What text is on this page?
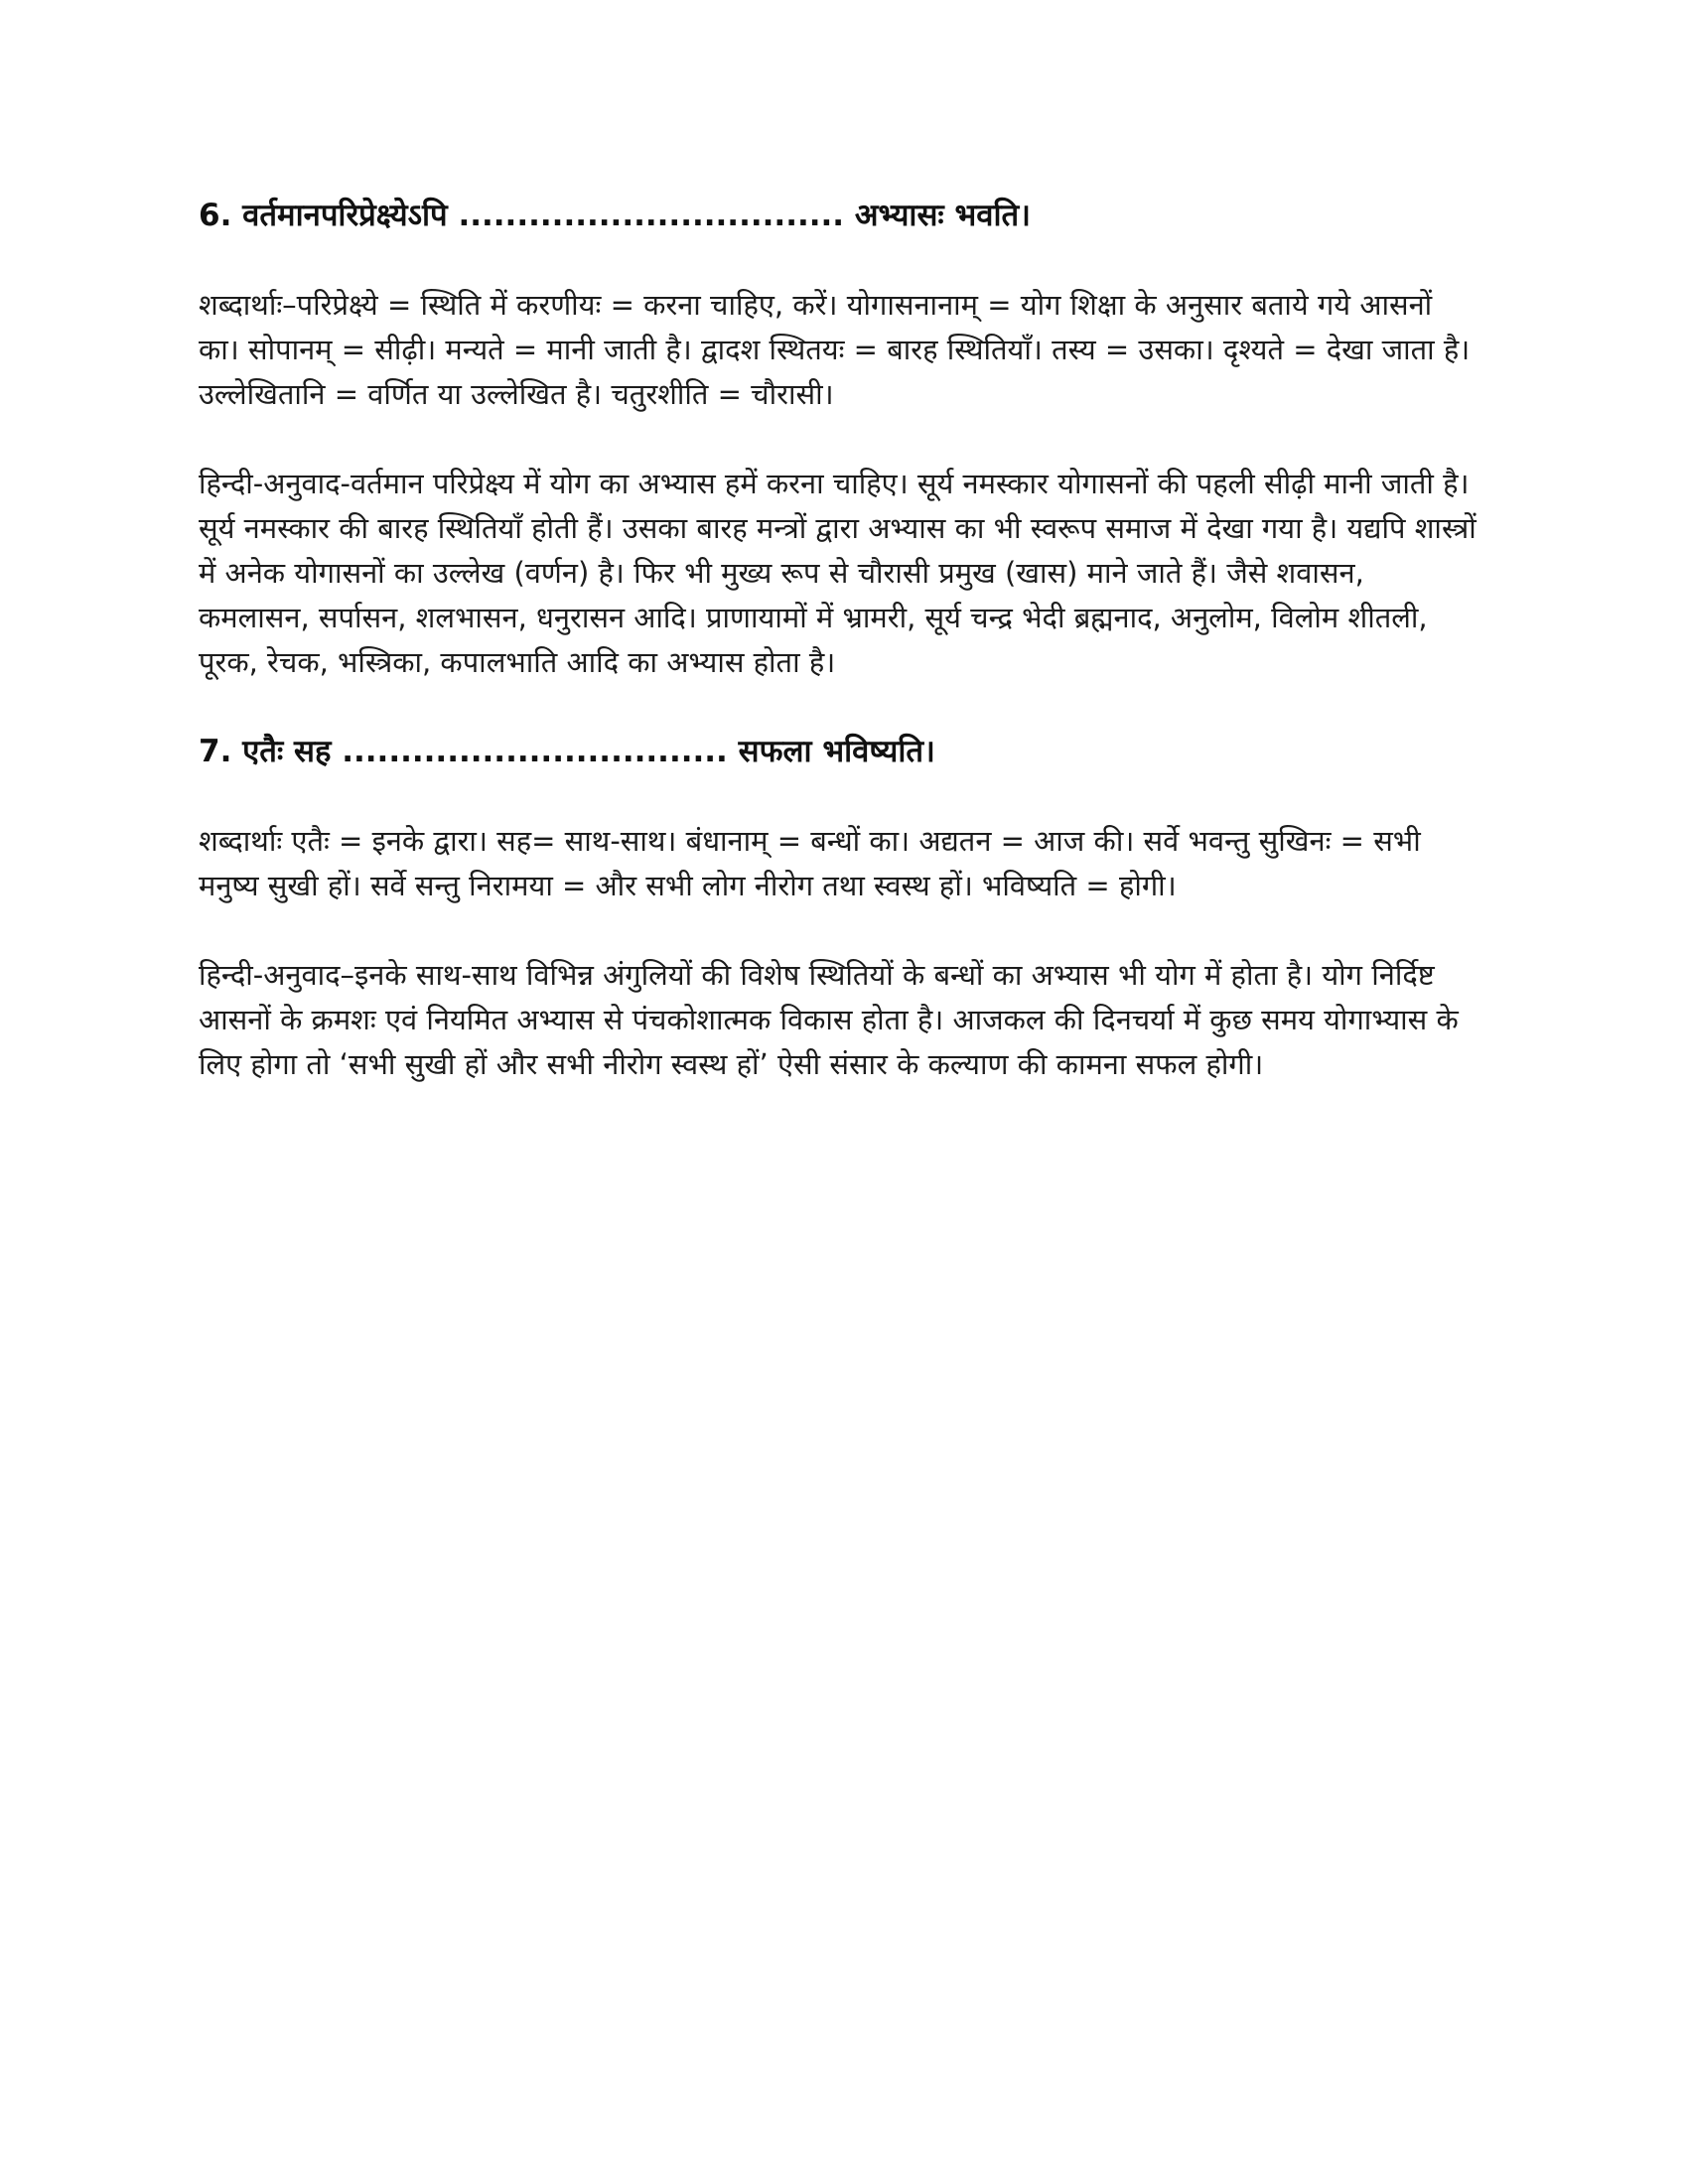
6. वर्तमानपरिप्रेक्ष्येऽपि ................................. अभ्यासः भवति।

शब्दार्थाः–परिप्रेक्ष्ये = स्थिति में करणीयः = करना चाहिए, करें। योगासनानाम् = योग शिक्षा के अनुसार बताये गये आसनों का। सोपानम् = सीढ़ी। मन्यते = मानी जाती है। द्वादश स्थितयः = बारह स्थितियाँ। तस्य = उसका। दृश्यते = देखा जाता है। उल्लेखितानि = वर्णित या उल्लेखित है। चतुरशीति = चौरासी।

हिन्दी-अनुवाद-वर्तमान परिप्रेक्ष्य में योग का अभ्यास हमें करना चाहिए। सूर्य नमस्कार योगासनों की पहली सीढ़ी मानी जाती है। सूर्य नमस्कार की बारह स्थितियाँ होती हैं। उसका बारह मन्त्रों द्वारा अभ्यास का भी स्वरूप समाज में देखा गया है। यद्यपि शास्त्रों में अनेक योगासनों का उल्लेख (वर्णन) है। फिर भी मुख्य रूप से चौरासी प्रमुख (खास) माने जाते हैं। जैसे शवासन, कमलासन, सर्पासन, शलभासन, धनुरासन आदि। प्राणायामों में भ्रामरी, सूर्य चन्द्र भेदी ब्रह्मनाद, अनुलोम, विलोम शीतली, पूरक, रेचक, भस्त्रिका, कपालभाति आदि का अभ्यास होता है।

7. एतैः सह ................................. सफला भविष्यति।

शब्दार्थाः एतैः = इनके द्वारा। सह= साथ-साथ। बंधानाम् = बन्धों का। अद्यतन = आज की। सर्वे भवन्तु सुखिनः = सभी मनुष्य सुखी हों। सर्वे सन्तु निरामया = और सभी लोग नीरोग तथा स्वस्थ हों। भविष्यति = होगी।

हिन्दी-अनुवाद–इनके साथ-साथ विभिन्न अंगुलियों की विशेष स्थितियों के बन्धों का अभ्यास भी योग में होता है। योग निर्दिष्ट आसनों के क्रमशः एवं नियमित अभ्यास से पंचकोशात्मक विकास होता है। आजकल की दिनचर्या में कुछ समय योगाभ्यास के लिए होगा तो ‘सभी सुखी हों और सभी नीरोग स्वस्थ हों’ ऐसी संसार के कल्याण की कामना सफल होगी।
